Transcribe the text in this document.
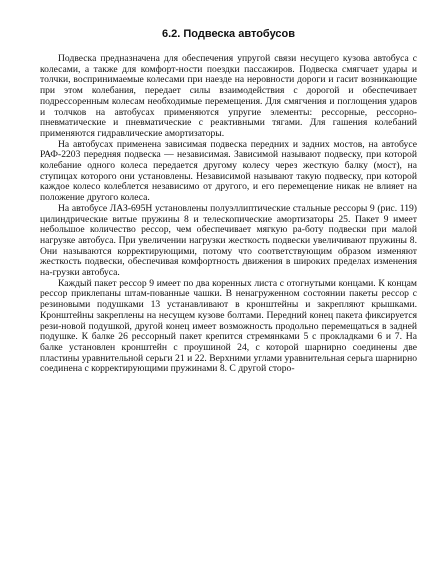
6.2. Подвеска автобусов

Подвеска предназначена для обеспечения упругой связи несущего кузова автобуса с колесами, а также для комфорт-ности поездки пассажиров. Подвеска смягчает удары и толчки, воспринимаемые колесами при наезде на неровности дороги и гасит возникающие при этом колебания, передает силы взаимодействия с дорогой и обеспечивает подрессоренным колесам необходимые перемещения. Для смягчения и поглощения ударов и толчков на автобусах применяются упругие элементы: рессорные, рессорно-пневматические и пневматические с реактивными тягами. Для гашения колебаний применяются гидравлические амортизаторы.

На автобусах применена зависимая подвеска передних и задних мостов, на автобусе РАФ-2203 передняя подвеска — независимая. Зависимой называют подвеску, при которой колебание одного колеса передается другому колесу через жесткую балку (мост), на ступицах которого они установлены. Независимой называют такую подвеску, при которой каждое колесо колеблется независимо от другого, и его перемещение никак не влияет на положение другого колеса.

На автобусе ЛАЗ-695Н установлены полуэллиптические стальные рессоры 9 (рис. 119) цилиндрические витые пружины 8 и телескопические амортизаторы 25. Пакет 9 имеет небольшое количество рессор, чем обеспечивает мягкую ра-боту подвески при малой нагрузке автобуса. При увеличении нагрузки жесткость подвески увеличивают пружины 8. Они называются корректирующими, потому что соответствующим образом изменяют жесткость подвески, обеспечивая комфортность движения в широких пределах изменения на-грузки автобуса.

Каждый пакет рессор 9 имеет по два коренных листа с отогнутыми концами. К концам рессор приклепаны штам-пованные чашки. В ненагруженном состоянии пакеты рессор с резиновыми подушками 13 устанавливают в кронштейны и закрепляют крышками. Кронштейны закреплены на несущем кузове болтами. Передний конец пакета фиксируется рези-новой подушкой, другой конец имеет возможность продольно перемещаться в задней подушке. К балке 26 рессорный пакет крепится стремянками 5 с прокладками 6 и 7. На балке установлен кронштейн с проушиной 24, с которой шарнирно соединены две пластины уравнительной серьги 21 и 22. Верхними углами уравнительная серьга шарнирно соединена с корректирующими пружинами 8. С другой сторо-
